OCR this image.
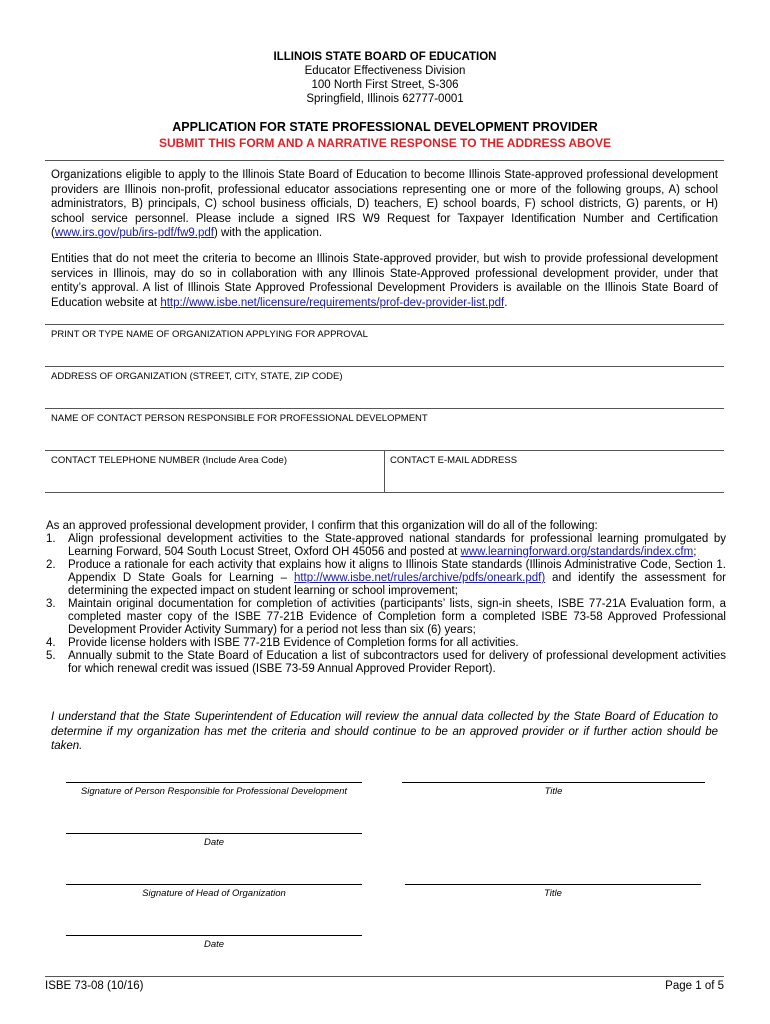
ILLINOIS STATE BOARD OF EDUCATION
Educator Effectiveness Division
100 North First Street, S-306
Springfield, Illinois 62777-0001
APPLICATION FOR STATE PROFESSIONAL DEVELOPMENT PROVIDER
SUBMIT THIS FORM AND A NARRATIVE RESPONSE TO THE ADDRESS ABOVE
Organizations eligible to apply to the Illinois State Board of Education to become Illinois State-approved professional development providers are Illinois non-profit, professional educator associations representing one or more of the following groups, A) school administrators, B) principals, C) school business officials, D) teachers, E) school boards, F) school districts, G) parents, or H) school service personnel. Please include a signed IRS W9 Request for Taxpayer Identification Number and Certification (www.irs.gov/pub/irs-pdf/fw9.pdf) with the application.
Entities that do not meet the criteria to become an Illinois State-approved provider, but wish to provide professional development services in Illinois, may do so in collaboration with any Illinois State-Approved professional development provider, under that entity’s approval. A list of Illinois State Approved Professional Development Providers is available on the Illinois State Board of Education website at http://www.isbe.net/licensure/requirements/prof-dev-provider-list.pdf.
PRINT OR TYPE NAME OF ORGANIZATION APPLYING FOR APPROVAL
ADDRESS OF ORGANIZATION (STREET, CITY, STATE, ZIP CODE)
NAME OF CONTACT PERSON RESPONSIBLE FOR PROFESSIONAL DEVELOPMENT
CONTACT TELEPHONE NUMBER (Include Area Code)	CONTACT E-MAIL ADDRESS
As an approved professional development provider, I confirm that this organization will do all of the following:
1. Align professional development activities to the State-approved national standards for professional learning promulgated by Learning Forward, 504 South Locust Street, Oxford OH 45056 and posted at www.learningforward.org/standards/index.cfm;
2. Produce a rationale for each activity that explains how it aligns to Illinois State standards (Illinois Administrative Code, Section 1. Appendix D State Goals for Learning – http://www.isbe.net/rules/archive/pdfs/oneark.pdf) and identify the assessment for determining the expected impact on student learning or school improvement;
3. Maintain original documentation for completion of activities (participants’ lists, sign-in sheets, ISBE 77-21A Evaluation form, a completed master copy of the ISBE 77-21B Evidence of Completion form a completed ISBE 73-58 Approved Professional Development Provider Activity Summary) for a period not less than six (6) years;
4. Provide license holders with ISBE 77-21B Evidence of Completion forms for all activities.
5. Annually submit to the State Board of Education a list of subcontractors used for delivery of professional development activities for which renewal credit was issued (ISBE 73-59 Annual Approved Provider Report).
I understand that the State Superintendent of Education will review the annual data collected by the State Board of Education to determine if my organization has met the criteria and should continue to be an approved provider or if further action should be taken.
Signature of Person Responsible for Professional Development	Title
Date
Signature of Head of Organization	Title
Date
ISBE 73-08 (10/16)	Page 1 of 5
